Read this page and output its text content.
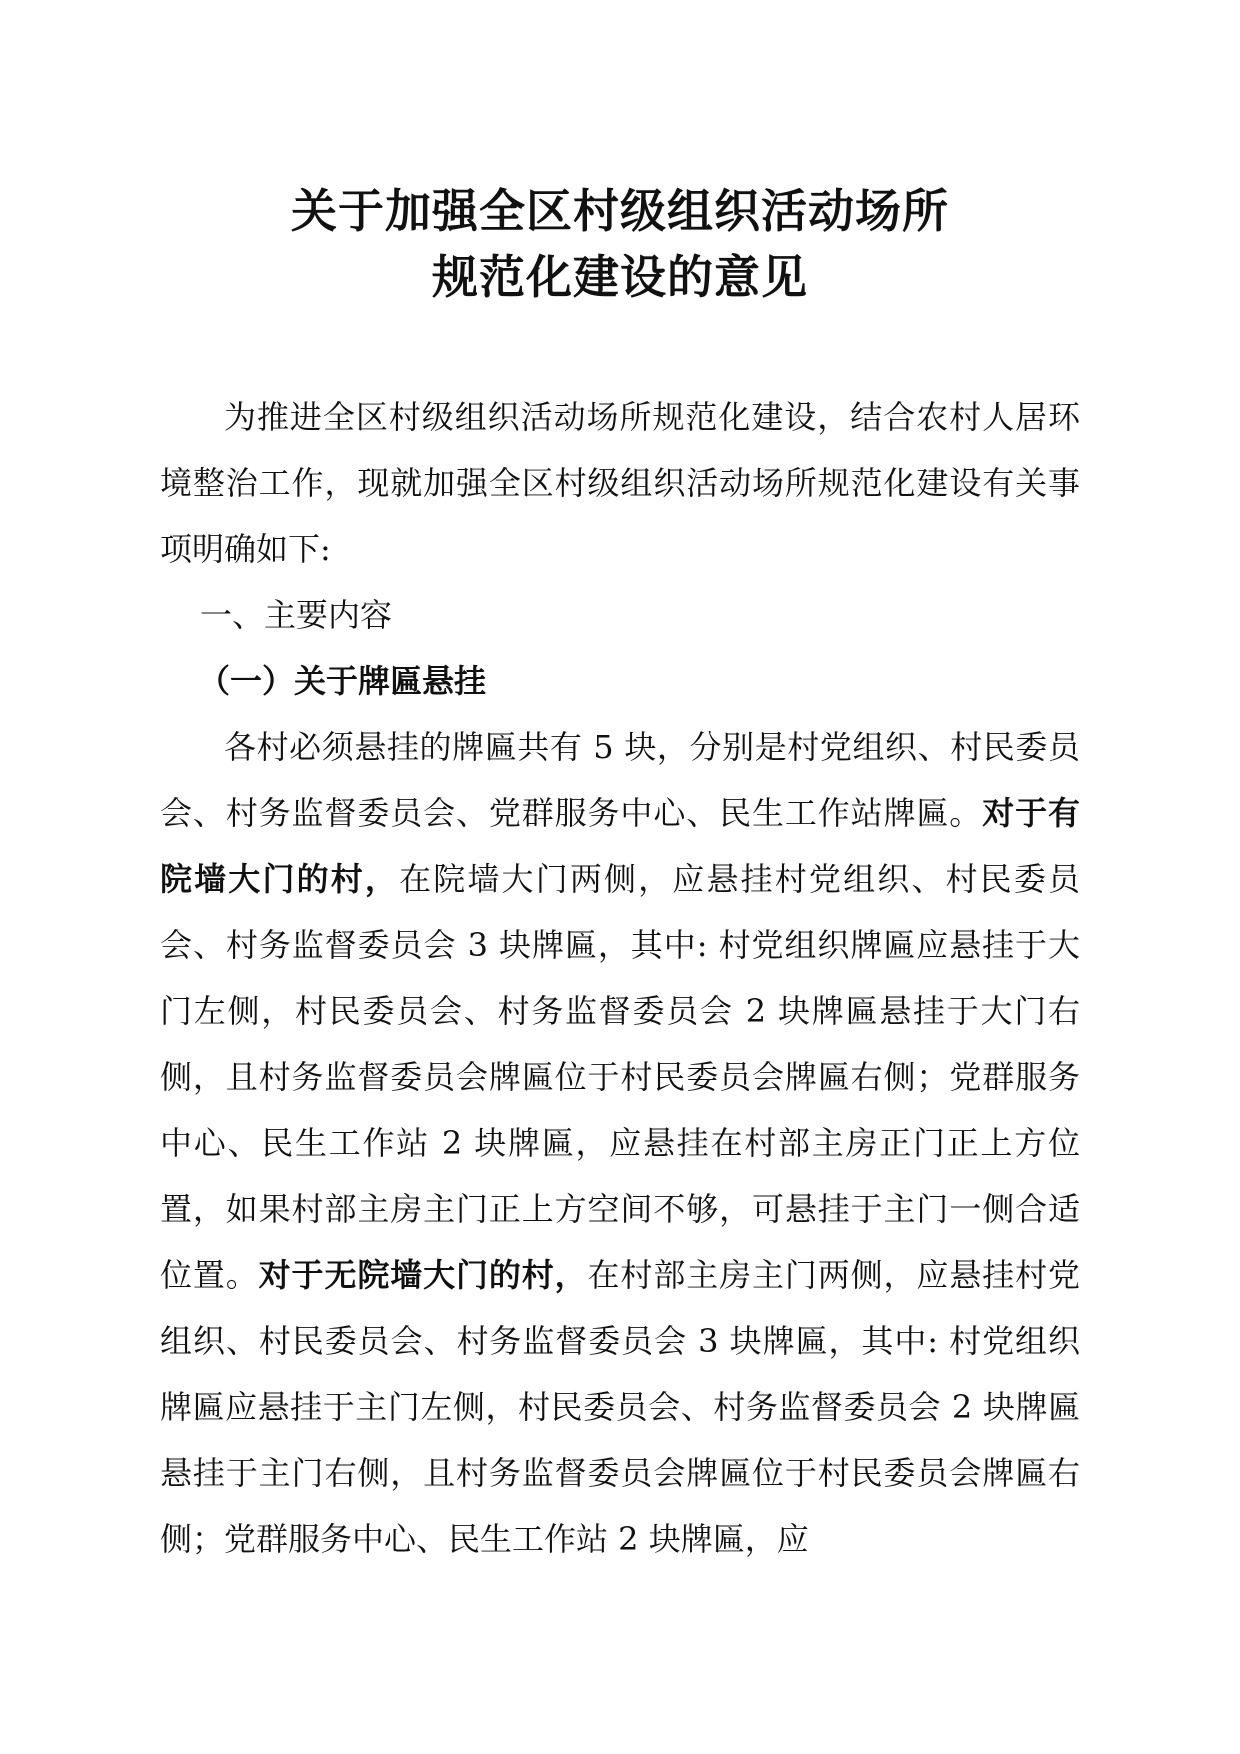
关于加强全区村级组织活动场所
规范化建设的意见

为推进全区村级组织活动场所规范化建设，结合农村人居环境整治工作，现就加强全区村级组织活动场所规范化建设有关事项明确如下:

一、主要内容

（一）关于牌匾悬挂

各村必须悬挂的牌匾共有 5 块，分别是村党组织、村民委员会、村务监督委员会、党群服务中心、民生工作站牌匾。对于有院墙大门的村，在院墙大门两侧，应悬挂村党组织、村民委员会、村务监督委员会 3 块牌匾，其中: 村党组织牌匾应悬挂于大门左侧，村民委员会、村务监督委员会 2 块牌匾悬挂于大门右侧，且村务监督委员会牌匾位于村民委员会牌匾右侧；党群服务中心、民生工作站 2 块牌匾，应悬挂在村部主房正门正上方位置，如果村部主房主门正上方空间不够，可悬挂于主门一侧合适位置。对于无院墙大门的村，在村部主房主门两侧，应悬挂村党组织、村民委员会、村务监督委员会 3 块牌匾，其中: 村党组织牌匾应悬挂于主门左侧，村民委员会、村务监督委员会 2 块牌匾悬挂于主门右侧，且村务监督委员会牌匾位于村民委员会牌匾右侧；党群服务中心、民生工作站 2 块牌匾，应
